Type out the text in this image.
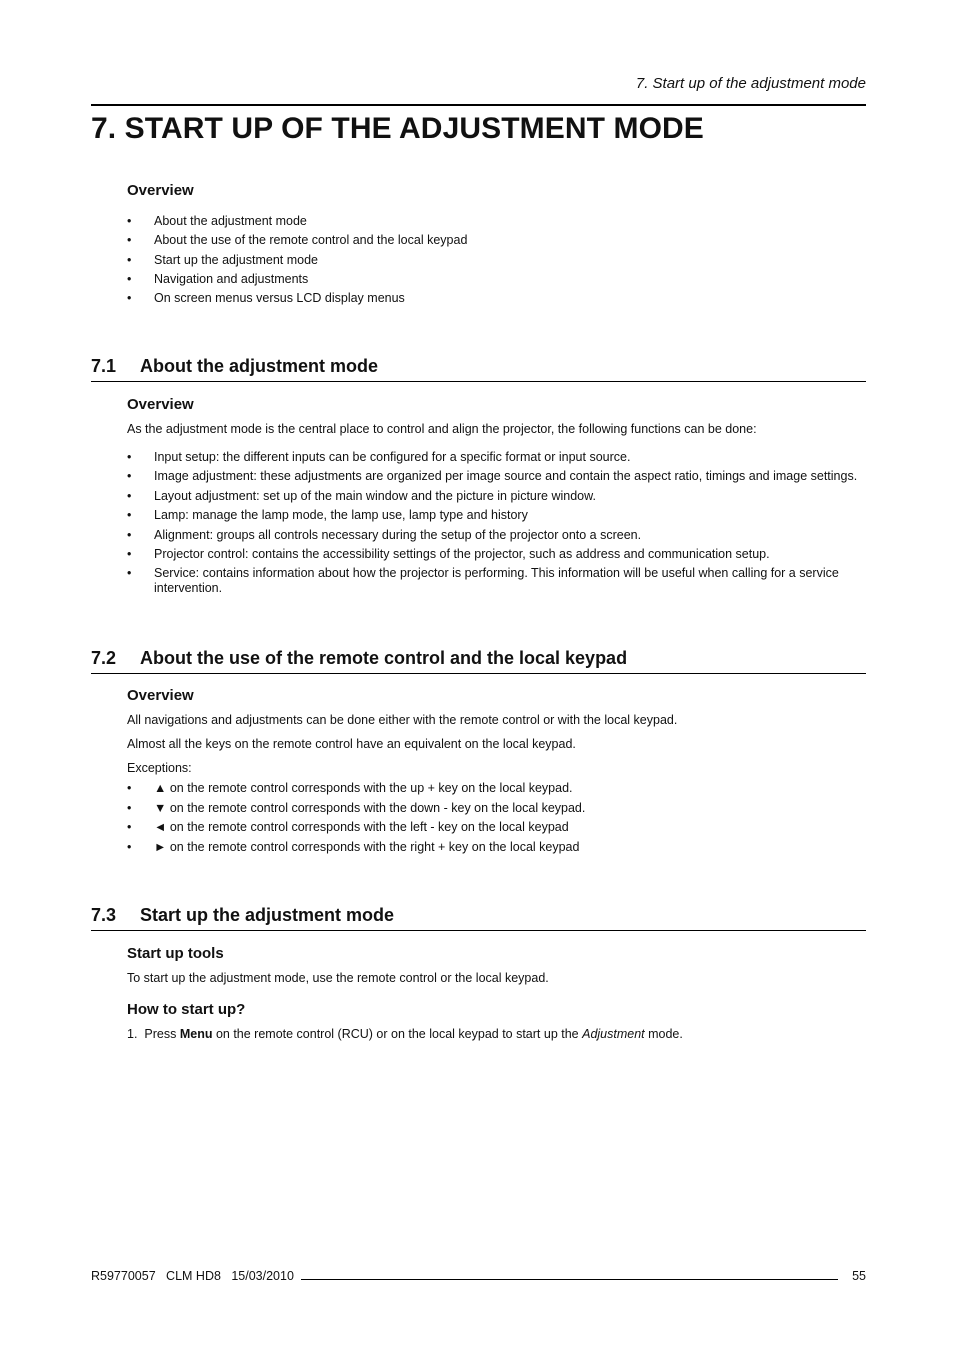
7. Start up of the adjustment mode
7. START UP OF THE ADJUSTMENT MODE
Overview
• About the adjustment mode
• About the use of the remote control and the local keypad
• Start up the adjustment mode
• Navigation and adjustments
• On screen menus versus LCD display menus
7.1 About the adjustment mode
Overview

As the adjustment mode is the central place to control and align the projector, the following functions can be done:

• Input setup: the different inputs can be configured for a specific format or input source.
• Image adjustment: these adjustments are organized per image source and contain the aspect ratio, timings and image settings.
• Layout adjustment: set up of the main window and the picture in picture window.
• Lamp: manage the lamp mode, the lamp use, lamp type and history
• Alignment: groups all controls necessary during the setup of the projector onto a screen.
• Projector control: contains the accessibility settings of the projector, such as address and communication setup.
• Service: contains information about how the projector is performing. This information will be useful when calling for a service intervention.
7.2 About the use of the remote control and the local keypad
Overview

All navigations and adjustments can be done either with the remote control or with the local keypad.

Almost all the keys on the remote control have an equivalent on the local keypad.

Exceptions:

• ▲ on the remote control corresponds with the up + key on the local keypad.
• ▼ on the remote control corresponds with the down - key on the local keypad.
• ◄ on the remote control corresponds with the left - key on the local keypad
• ► on the remote control corresponds with the right + key on the local keypad
7.3 Start up the adjustment mode
Start up tools

To start up the adjustment mode, use the remote control or the local keypad.

How to start up?

1. Press Menu on the remote control (RCU) or on the local keypad to start up the Adjustment mode.

R59770057   CLM HD8   15/03/2010	55
